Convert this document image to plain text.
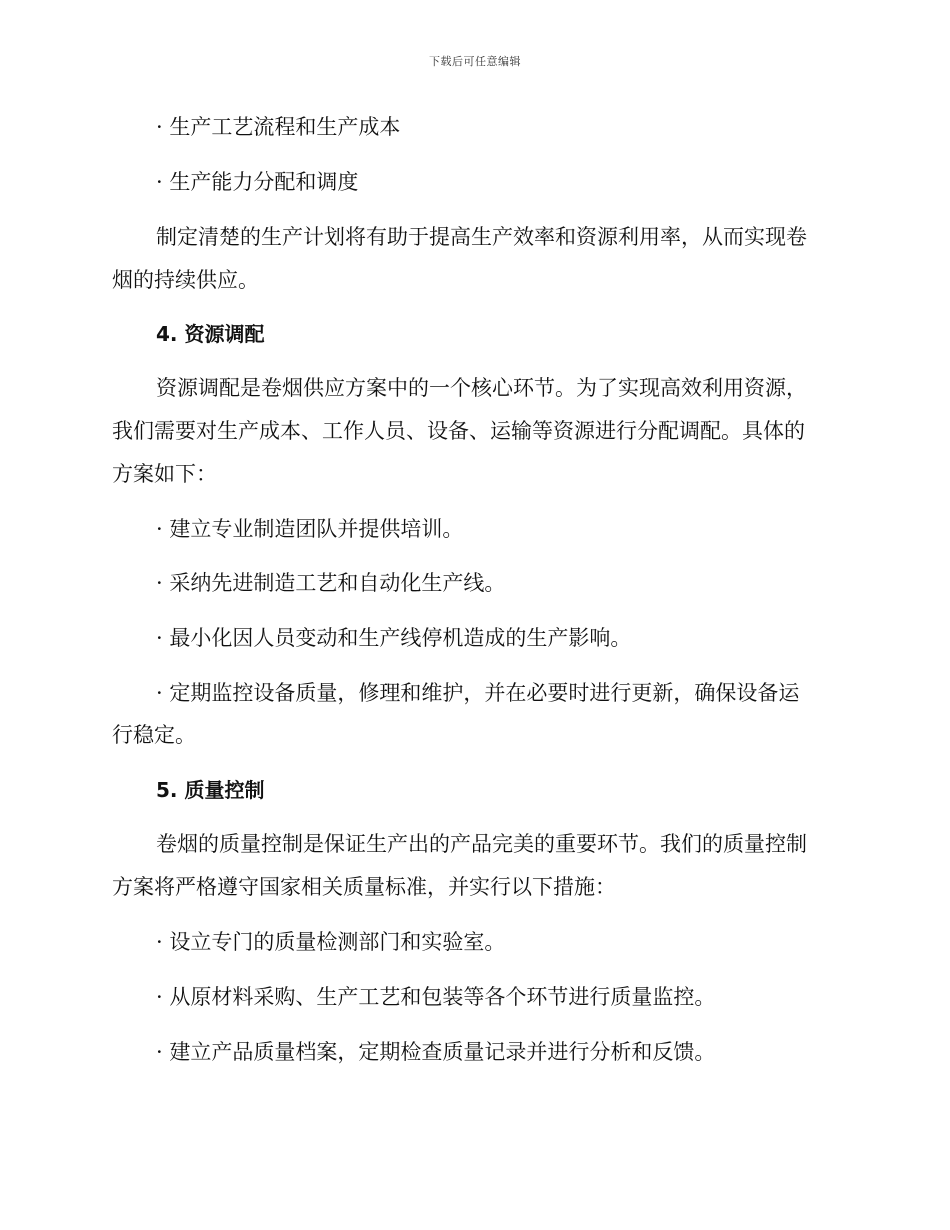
下载后可任意编辑
· 生产工艺流程和生产成本
· 生产能力分配和调度
制定清楚的生产计划将有助于提高生产效率和资源利用率，从而实现卷
烟的持续供应。
4. 资源调配
资源调配是卷烟供应方案中的一个核心环节。为了实现高效利用资源，
我们需要对生产成本、工作人员、设备、运输等资源进行分配调配。具体的
方案如下：
· 建立专业制造团队并提供培训。
· 采纳先进制造工艺和自动化生产线。
· 最小化因人员变动和生产线停机造成的生产影响。
· 定期监控设备质量，修理和维护，并在必要时进行更新，确保设备运
行稳定。
5. 质量控制
卷烟的质量控制是保证生产出的产品完美的重要环节。我们的质量控制
方案将严格遵守国家相关质量标准，并实行以下措施：
· 设立专门的质量检测部门和实验室。
· 从原材料采购、生产工艺和包装等各个环节进行质量监控。
· 建立产品质量档案，定期检查质量记录并进行分析和反馈。
